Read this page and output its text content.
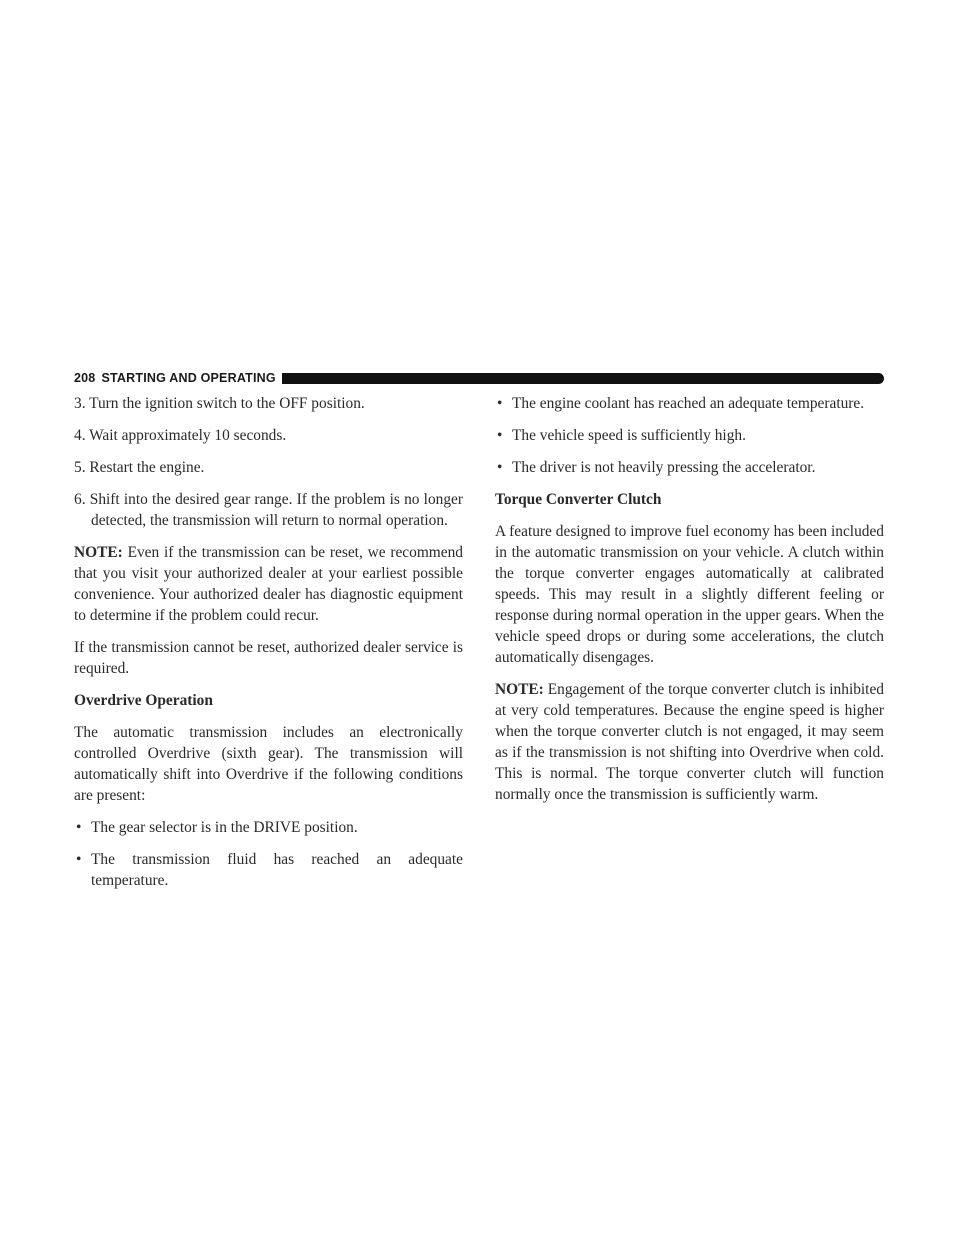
208 STARTING AND OPERATING

3. Turn the ignition switch to the OFF position.

4. Wait approximately 10 seconds.

5. Restart the engine.

6. Shift into the desired gear range. If the problem is no longer detected, the transmission will return to normal operation.

NOTE: Even if the transmission can be reset, we recommend that you visit your authorized dealer at your earliest possible convenience. Your authorized dealer has diagnostic equipment to determine if the problem could recur.

If the transmission cannot be reset, authorized dealer service is required.

Overdrive Operation

The automatic transmission includes an electronically controlled Overdrive (sixth gear). The transmission will automatically shift into Overdrive if the following conditions are present:

• The gear selector is in the DRIVE position.

• The transmission fluid has reached an adequate temperature.

• The engine coolant has reached an adequate temperature.

• The vehicle speed is sufficiently high.

• The driver is not heavily pressing the accelerator.

Torque Converter Clutch

A feature designed to improve fuel economy has been included in the automatic transmission on your vehicle. A clutch within the torque converter engages automatically at calibrated speeds. This may result in a slightly different feeling or response during normal operation in the upper gears. When the vehicle speed drops or during some accelerations, the clutch automatically disengages.

NOTE: Engagement of the torque converter clutch is inhibited at very cold temperatures. Because the engine speed is higher when the torque converter clutch is not engaged, it may seem as if the transmission is not shifting into Overdrive when cold. This is normal. The torque converter clutch will function normally once the transmission is sufficiently warm.
